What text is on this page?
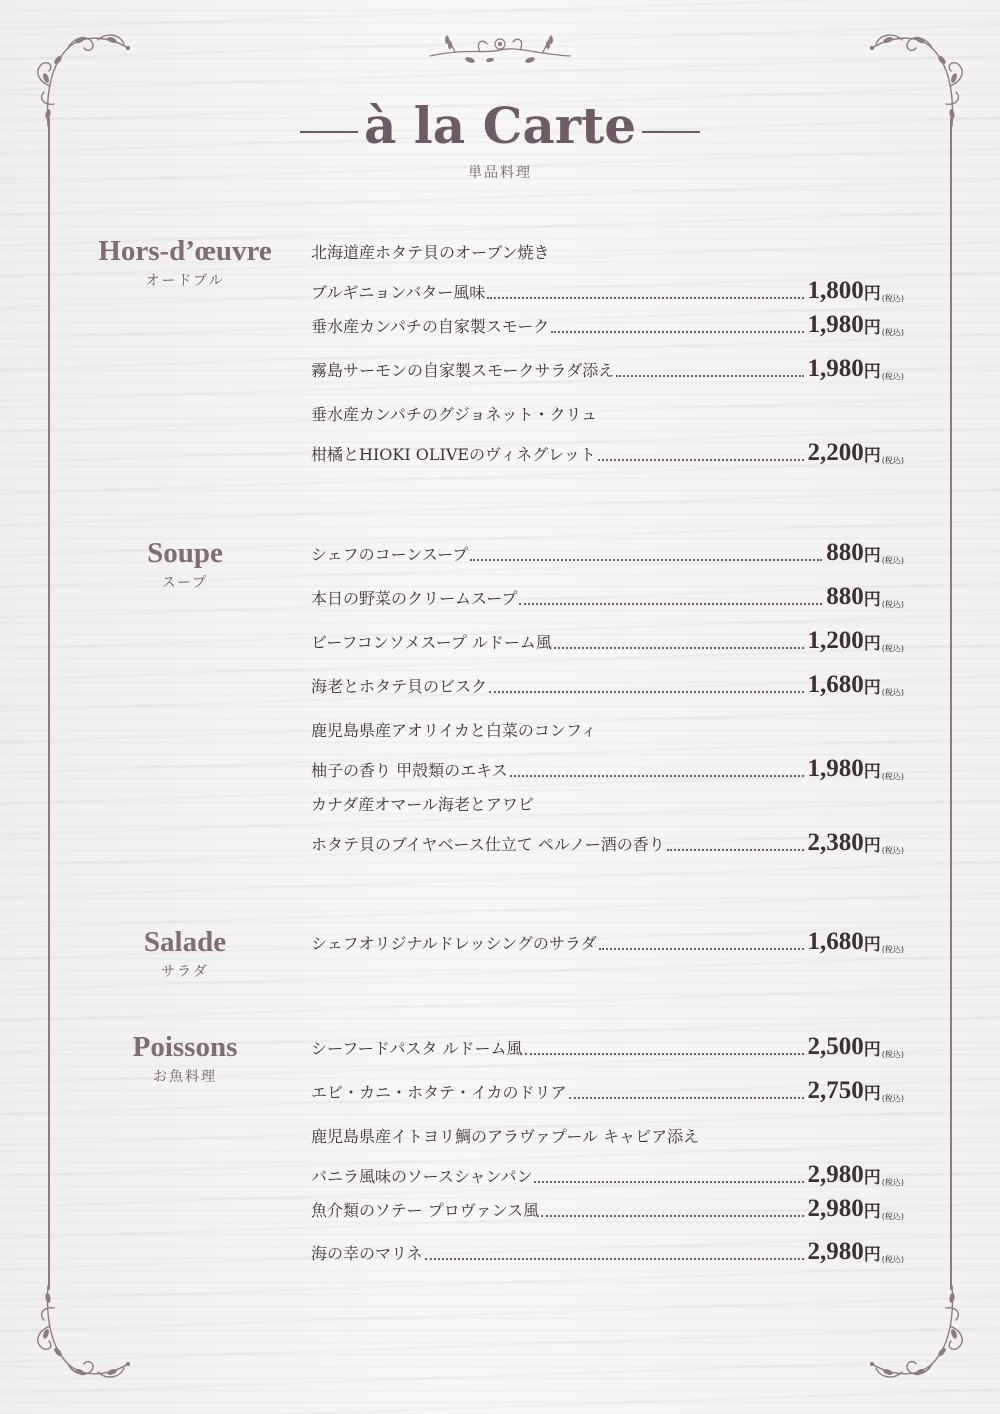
à la Carte
単品料理
Hors-d’œuvre
オードブル
北海道産ホタテ貝のオーブン焼き
ブルギニョンバター風味	1,800 円 (税込)
垂水産カンパチの自家製スモーク	1,980 円 (税込)
霧島サーモンの自家製スモークサラダ添え	1,980 円 (税込)
垂水産カンパチのグジョネット・クリュ
柑橘とHIOKI OLIVEのヴィネグレット	2,200 円 (税込)
Soupe
スープ
シェフのコーンスープ	880 円 (税込)
本日の野菜のクリームスープ	880 円 (税込)
ビーフコンソメスープ ルドーム風	1,200 円 (税込)
海老とホタテ貝のビスク	1,680 円 (税込)
鹿児島県産アオリイカと白菜のコンフィ
柚子の香り 甲殻類のエキス	1,980 円 (税込)
カナダ産オマール海老とアワビ
ホタテ貝のブイヤベース仕立て ペルノー酒の香り	2,380 円 (税込)
Salade
サラダ
シェフオリジナルドレッシングのサラダ	1,680 円 (税込)
Poissons
お魚料理
シーフードパスタ ルドーム風	2,500 円 (税込)
エビ・カニ・ホタテ・イカのドリア	2,750 円 (税込)
鹿児島県産イトヨリ鯛のアラヴァプール キャビア添え
バニラ風味のソースシャンパン	2,980 円 (税込)
魚介類のソテー プロヴァンス風	2,980 円 (税込)
海の幸のマリネ	2,980 円 (税込)
